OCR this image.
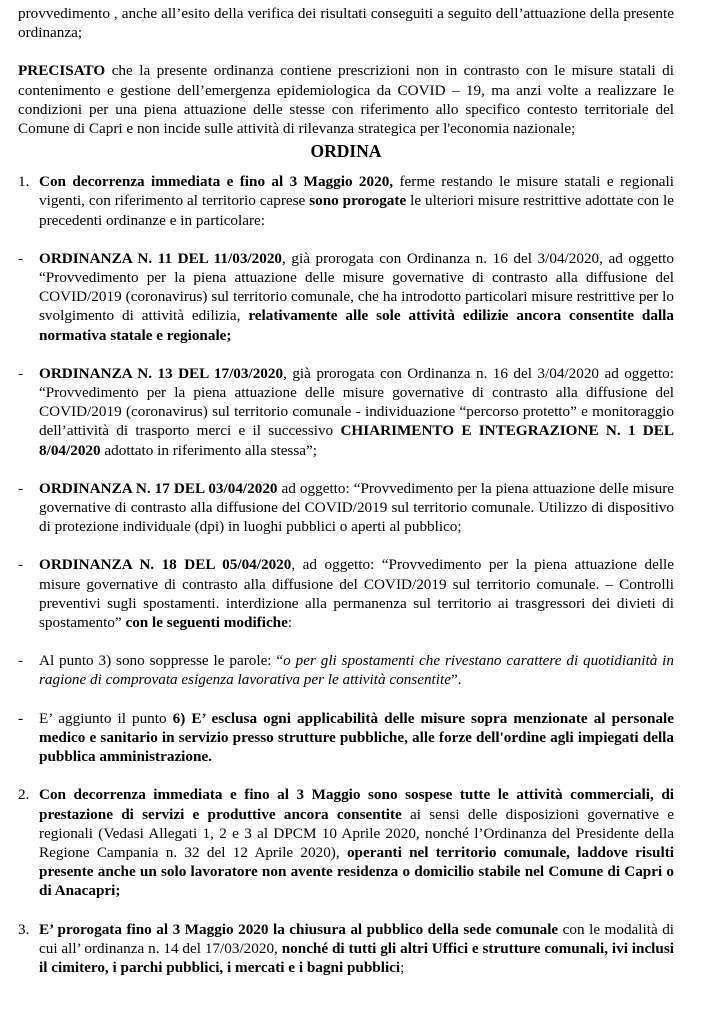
provvedimento , anche all’esito della verifica dei risultati conseguiti a seguito dell’attuazione della presente ordinanza;

PRECISATO che la presente ordinanza contiene prescrizioni non in contrasto con le misure statali di contenimento e gestione dell’emergenza epidemiologica da COVID – 19, ma anzi volte a realizzare le condizioni per una piena attuazione delle stesse con riferimento allo specifico contesto territoriale del Comune di Capri e non incide sulle attività di rilevanza strategica per l'economia nazionale;

ORDINA
1. Con decorrenza immediata e fino al 3 Maggio 2020, ferme restando le misure statali e regionali vigenti, con riferimento al territorio caprese sono prorogate le ulteriori misure restrittive adottate con le precedenti ordinanze e in particolare:

-	ORDINANZA N. 11 DEL 11/03/2020, già prorogata con Ordinanza n. 16 del 3/04/2020, ad oggetto “Provvedimento per la piena attuazione delle misure governative di contrasto alla diffusione del COVID/2019 (coronavirus) sul territorio comunale, che ha introdotto particolari misure restrittive per lo svolgimento di attività edilizia, relativamente alle sole attività edilizie ancora consentite dalla normativa statale e regionale;

-	ORDINANZA N. 13 DEL 17/03/2020, già prorogata con Ordinanza n. 16 del 3/04/2020 ad oggetto: “Provvedimento per la piena attuazione delle misure governative di contrasto alla diffusione del COVID/2019 (coronavirus) sul territorio comunale - individuazione “percorso protetto” e monitoraggio dell’attività di trasporto merci e il successivo CHIARIMENTO E INTEGRAZIONE N. 1 DEL 8/04/2020 adottato in riferimento alla stessa”;

-	ORDINANZA N. 17 DEL 03/04/2020 ad oggetto: “Provvedimento per la piena attuazione delle misure governative di contrasto alla diffusione del COVID/2019 sul territorio comunale. Utilizzo di dispositivo di protezione individuale (dpi) in luoghi pubblici o aperti al pubblico;

-	ORDINANZA N. 18 DEL 05/04/2020, ad oggetto: “Provvedimento per la piena attuazione delle misure governative di contrasto alla diffusione del COVID/2019 sul territorio comunale. – Controlli preventivi sugli spostamenti. interdizione alla permanenza sul territorio ai trasgressori dei divieti di spostamento” con le seguenti modifiche:

-	Al punto 3) sono soppresse le parole: “o per gli spostamenti che rivestano carattere di quotidianità in ragione di comprovata esigenza lavorativa per le attività consentite”.

-	E’ aggiunto il punto 6) E’ esclusa ogni applicabilità delle misure sopra menzionate al personale medico e sanitario in servizio presso strutture pubbliche, alle forze dell'ordine agli impiegati della pubblica amministrazione.

2. Con decorrenza immediata e fino al 3 Maggio sono sospese tutte le attività commerciali, di prestazione di servizi e produttive ancora consentite ai sensi delle disposizioni governative e regionali (Vedasi Allegati 1, 2 e 3 al DPCM 10 Aprile 2020, nonché l’Ordinanza del Presidente della Regione Campania n. 32 del 12 Aprile 2020), operanti nel territorio comunale, laddove risulti presente anche un solo lavoratore non avente residenza o domicilio stabile nel Comune di Capri o di Anacapri;

3. E’ prorogata fino al 3 Maggio 2020 la chiusura al pubblico della sede comunale con le modalità di cui all’ ordinanza n. 14 del 17/03/2020, nonché di tutti gli altri Uffici e strutture comunali, ivi inclusi il cimitero, i parchi pubblici, i mercati e i bagni pubblici;
